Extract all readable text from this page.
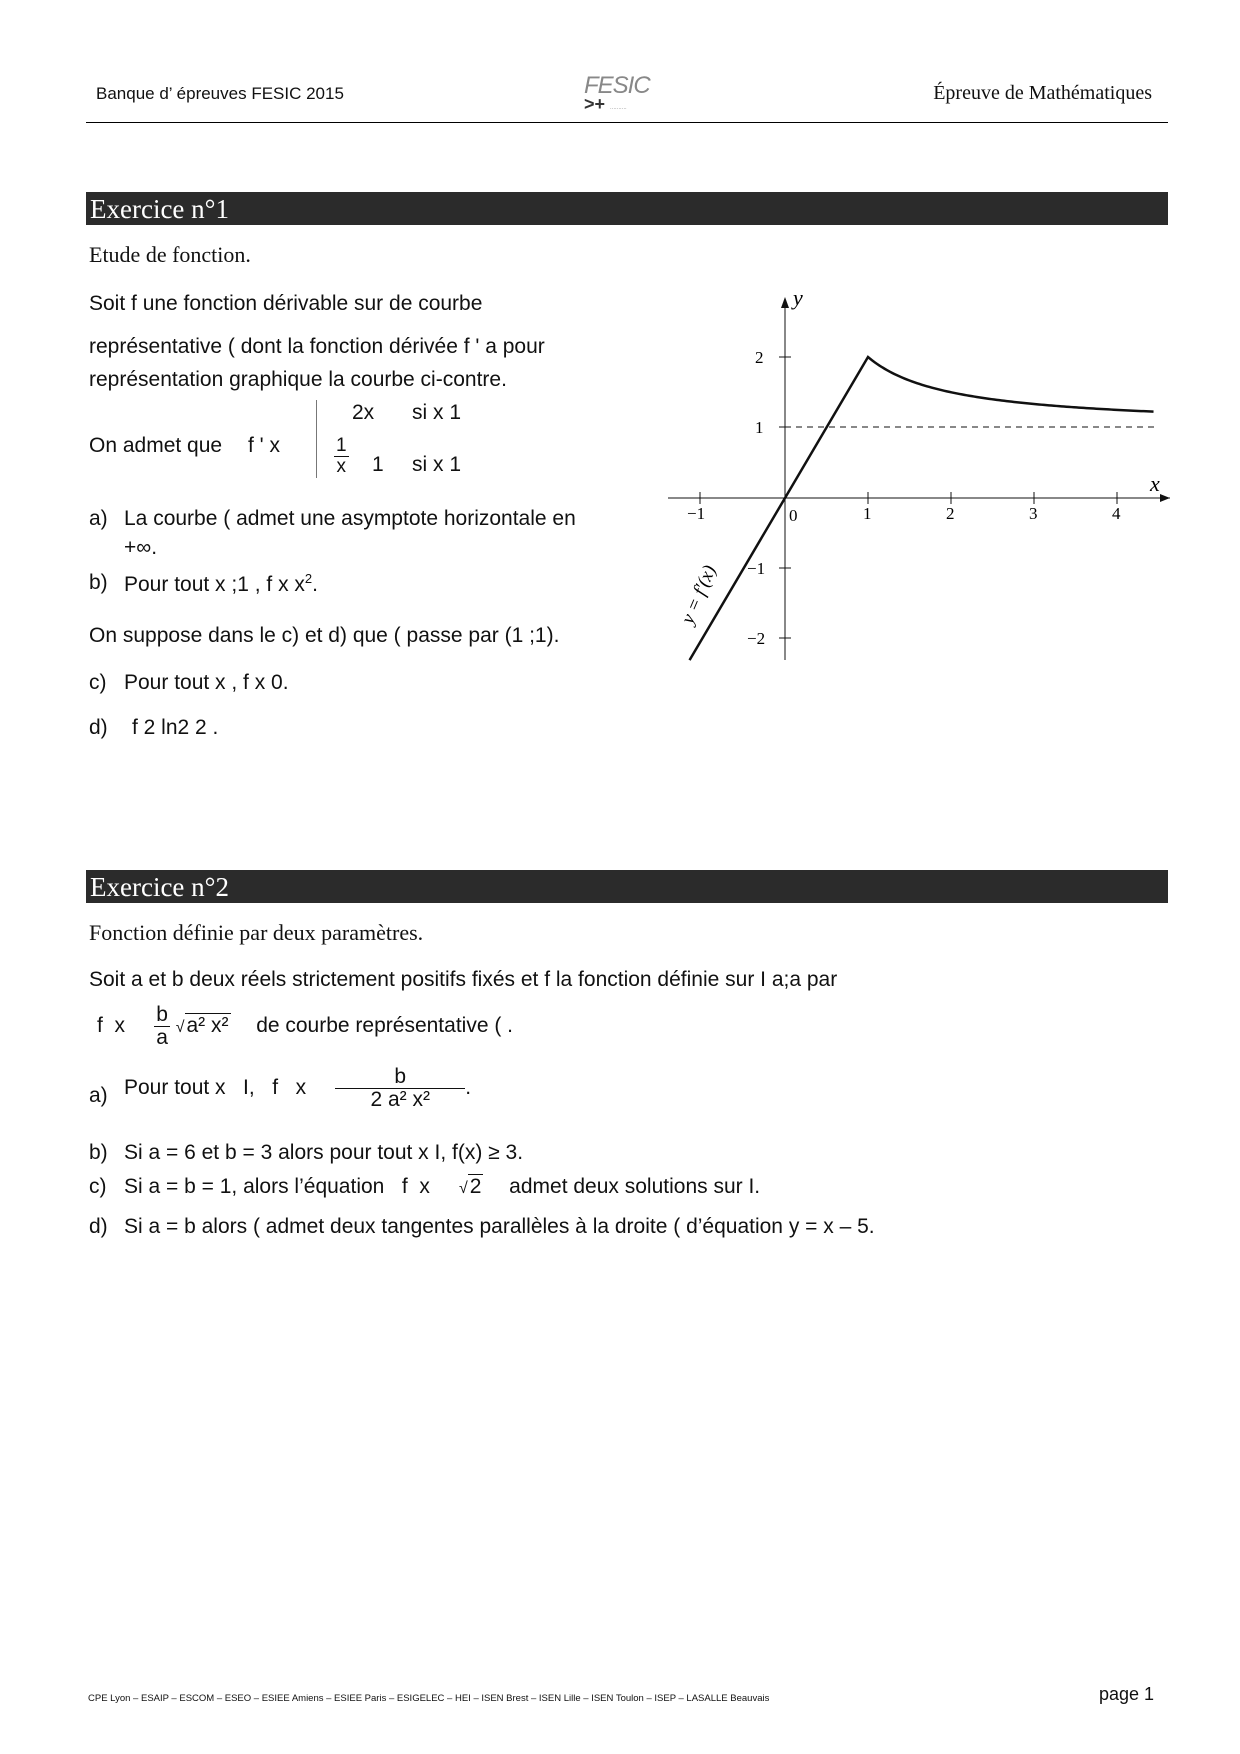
Banque d’ épreuves FESIC 2015	FESIC
>+ ··········
Épreuve de Mathématiques
Exercice n°1
Etude de fonction.
Soit f une fonction dérivable sur de courbe
représentative ( dont la fonction dérivée f ' a pour
représentation graphique la courbe ci-contre.
On admet que f ' x
2x si x 1
$\frac{1}{x} 1$ si x 1
a) La courbe ( admet une asymptote horizontale en
+∞.
b) Pour tout x ;1 , f x $x^2$.
On suppose dans le c) et d) que ( passe par (1 ;1).
c) Pour tout x , f x 0.
d) f 2 ln2 2 .
x
y
0
−1	1	2	3	4
2
1
−1
−2
y = f′(x)
Exercice n°2
Fonction définie par deux paramètres.
Soit a et b deux réels strictement positifs fixés et f la fonction définie sur I a;a par
f  x $\frac{b}{a} √a^2$ x² de courbe représentative ( .
a) Pour tout x   I,   f   x $\frac{b}{\text{2 a² x²}}$ .
b) Si a = 6 et b = 3 alors pour tout x I, f(x) ≥ 3.
c) Si a = b = 1, alors l’équation   f  x     √2 admet deux solutions sur I.
d) Si a = b alors ( admet deux tangentes parallèles à la droite ( d’équation y = x – 5.
CPE Lyon – ESAIP – ESCOM – ESEO – ESIEE Amiens – ESIEE Paris – ESIGELEC – HEI – ISEN Brest – ISEN Lille – ISEN Toulon – ISEP – LASALLE Beauvais	page 1
